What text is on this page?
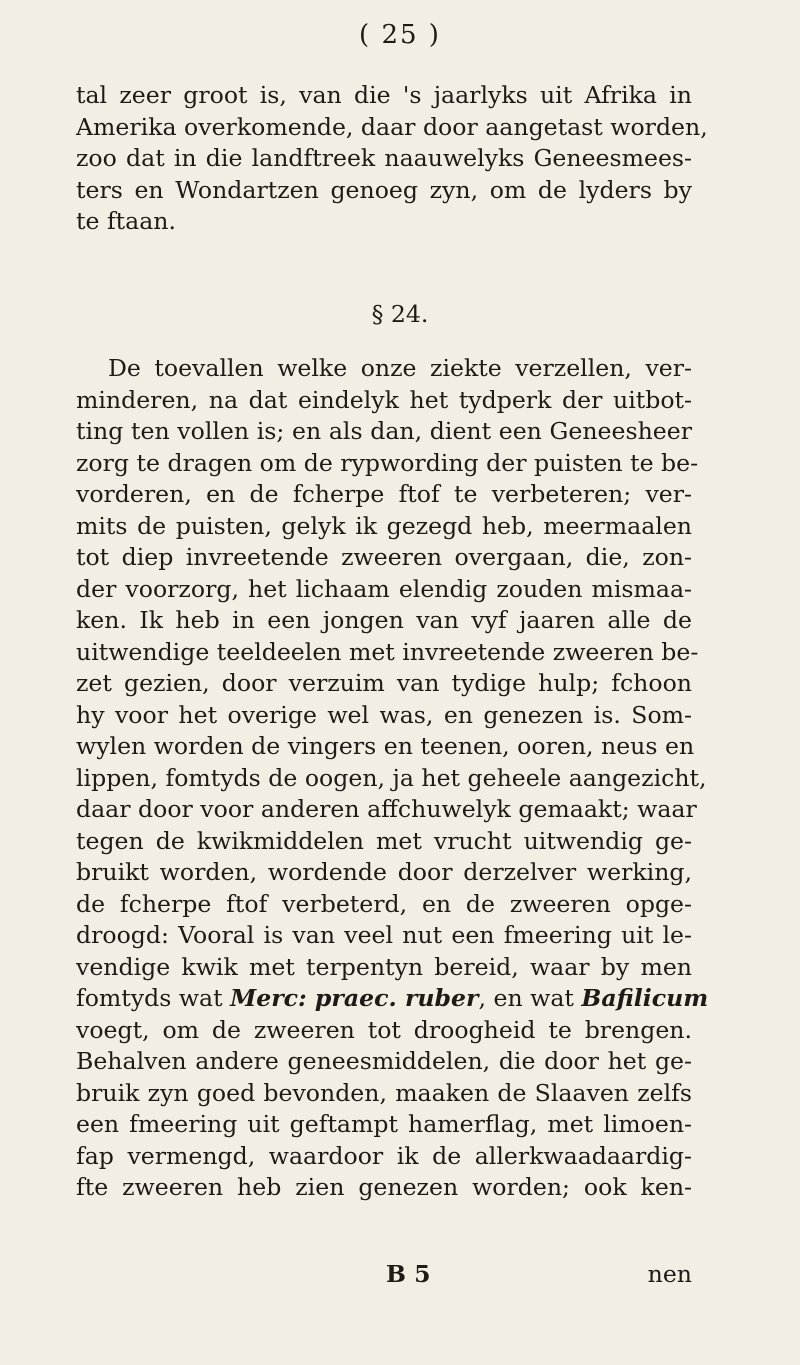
( 25 )
tal zeer groot is, van die 's jaarlyks uit Afrika in
Amerika overkomende, daar door aangetast worden,
zoo dat in die landftreek naauwelyks Geneesmees-
ters en Wondartzen genoeg zyn, om de lyders by
te ftaan.
§ 24.
De toevallen welke onze ziekte verzellen, ver-
minderen, na dat eindelyk het tydperk der uitbot-
ting ten vollen is; en als dan, dient een Geneesheer
zorg te dragen om de rypwording der puisten te be-
vorderen, en de fcherpe ftof te verbeteren; ver-
mits de puisten, gelyk ik gezegd heb, meermaalen
tot diep invreetende zweeren overgaan, die, zon-
der voorzorg, het lichaam elendig zouden mismaa-
ken. Ik heb in een jongen van vyf jaaren alle de
uitwendige teeldeelen met invreetende zweeren be-
zet gezien, door verzuim van tydige hulp; fchoon
hy voor het overige wel was, en genezen is. Som-
wylen worden de vingers en teenen, ooren, neus en
lippen, fomtyds de oogen, ja het geheele aangezicht,
daar door voor anderen affchuwelyk gemaakt; waar
tegen de kwikmiddelen met vrucht uitwendig ge-
bruikt worden, wordende door derzelver werking,
de fcherpe ftof verbeterd, en de zweeren opge-
droogd: Vooral is van veel nut een fmeering uit le-
vendige kwik met terpentyn bereid, waar by men
fomtyds wat Merc: praec. ruber, en wat Bafilicum
voegt, om de zweeren tot droogheid te brengen.
Behalven andere geneesmiddelen, die door het ge-
bruik zyn goed bevonden, maaken de Slaaven zelfs
een fmeering uit geftampt hamerflag, met limoen-
fap vermengd, waardoor ik de allerkwaadaardig-
fte zweeren heb zien genezen worden; ook ken-
B 5	nen
